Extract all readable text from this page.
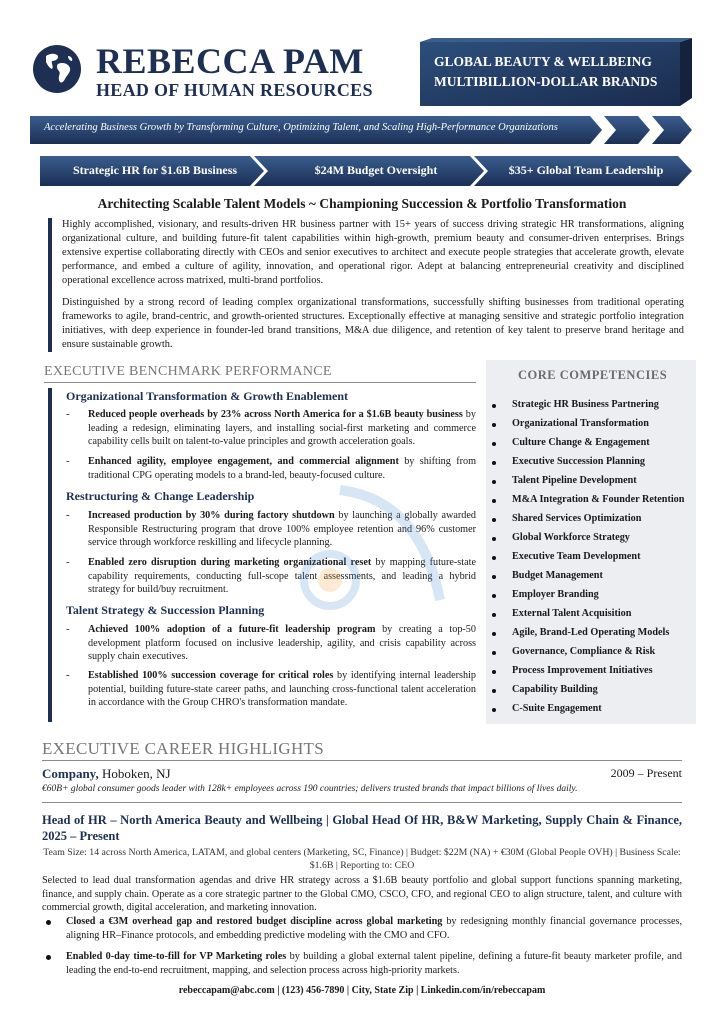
REBECCA PAM
HEAD OF HUMAN RESOURCES
GLOBAL BEAUTY & WELLBEING
MULTIBILLION-DOLLAR BRANDS
Accelerating Business Growth by Transforming Culture, Optimizing Talent, and Scaling High-Performance Organizations
Strategic HR for $1.6B Business	$24M Budget Oversight	$35+ Global Team Leadership
Architecting Scalable Talent Models ~ Championing Succession & Portfolio Transformation
Highly accomplished, visionary, and results-driven HR business partner with 15+ years of success driving strategic HR transformations, aligning organizational culture, and building future-fit talent capabilities within high-growth, premium beauty and consumer-driven enterprises. Brings extensive expertise collaborating directly with CEOs and senior executives to architect and execute people strategies that accelerate growth, elevate performance, and embed a culture of agility, innovation, and operational rigor. Adept at balancing entrepreneurial creativity and disciplined operational excellence across matrixed, multi-brand portfolios.
Distinguished by a strong record of leading complex organizational transformations, successfully shifting businesses from traditional operating frameworks to agile, brand-centric, and growth-oriented structures. Exceptionally effective at managing sensitive and strategic portfolio integration initiatives, with deep experience in founder-led brand transitions, M&A due diligence, and retention of key talent to preserve brand heritage and ensure sustainable growth.
EXECUTIVE BENCHMARK PERFORMANCE
Organizational Transformation & Growth Enablement
- Reduced people overheads by 23% across North America for a $1.6B beauty business by leading a redesign, eliminating layers, and installing social-first marketing and commerce capability cells built on talent-to-value principles and growth acceleration goals.
- Enhanced agility, employee engagement, and commercial alignment by shifting from traditional CPG operating models to a brand-led, beauty-focused culture.
Restructuring & Change Leadership
- Increased production by 30% during factory shutdown by launching a globally awarded Responsible Restructuring program that drove 100% employee retention and 96% customer service through workforce reskilling and lifecycle planning.
- Enabled zero disruption during marketing organizational reset by mapping future-state capability requirements, conducting full-scope talent assessments, and leading a hybrid strategy for build/buy recruitment.
Talent Strategy & Succession Planning
- Achieved 100% adoption of a future-fit leadership program by creating a top-50 development platform focused on inclusive leadership, agility, and crisis capability across supply chain executives.
- Established 100% succession coverage for critical roles by identifying internal leadership potential, building future-state career paths, and launching cross-functional talent acceleration in accordance with the Group CHRO's transformation mandate.
CORE COMPETENCIES
Strategic HR Business Partnering
Organizational Transformation
Culture Change & Engagement
Executive Succession Planning
Talent Pipeline Development
M&A Integration & Founder Retention
Shared Services Optimization
Global Workforce Strategy
Executive Team Development
Budget Management
Employer Branding
External Talent Acquisition
Agile, Brand-Led Operating Models
Governance, Compliance & Risk
Process Improvement Initiatives
Capability Building
C-Suite Engagement
EXECUTIVE CAREER HIGHLIGHTS
Company, Hoboken, NJ	2009 – Present
€60B+ global consumer goods leader with 128k+ employees across 190 countries; delivers trusted brands that impact billions of lives daily.
Head of HR – North America Beauty and Wellbeing | Global Head Of HR, B&W Marketing, Supply Chain & Finance, 2025 – Present
Team Size: 14 across North America, LATAM, and global centers (Marketing, SC, Finance) | Budget: $22M (NA) + €30M (Global People OVH) | Business Scale: $1.6B | Reporting to: CEO
Selected to lead dual transformation agendas and drive HR strategy across a $1.6B beauty portfolio and global support functions spanning marketing, finance, and supply chain. Operate as a core strategic partner to the Global CMO, CSCO, CFO, and regional CEO to align structure, talent, and culture with commercial growth, digital acceleration, and marketing innovation.
Closed a €3M overhead gap and restored budget discipline across global marketing by redesigning monthly financial governance processes, aligning HR–Finance protocols, and embedding predictive modeling with the CMO and CFO.
Enabled 0-day time-to-fill for VP Marketing roles by building a global external talent pipeline, defining a future-fit beauty marketer profile, and leading the end-to-end recruitment, mapping, and selection process across high-priority markets.
rebeccapam@abc.com | (123) 456-7890 | City, State Zip | Linkedin.com/in/rebeccapam
